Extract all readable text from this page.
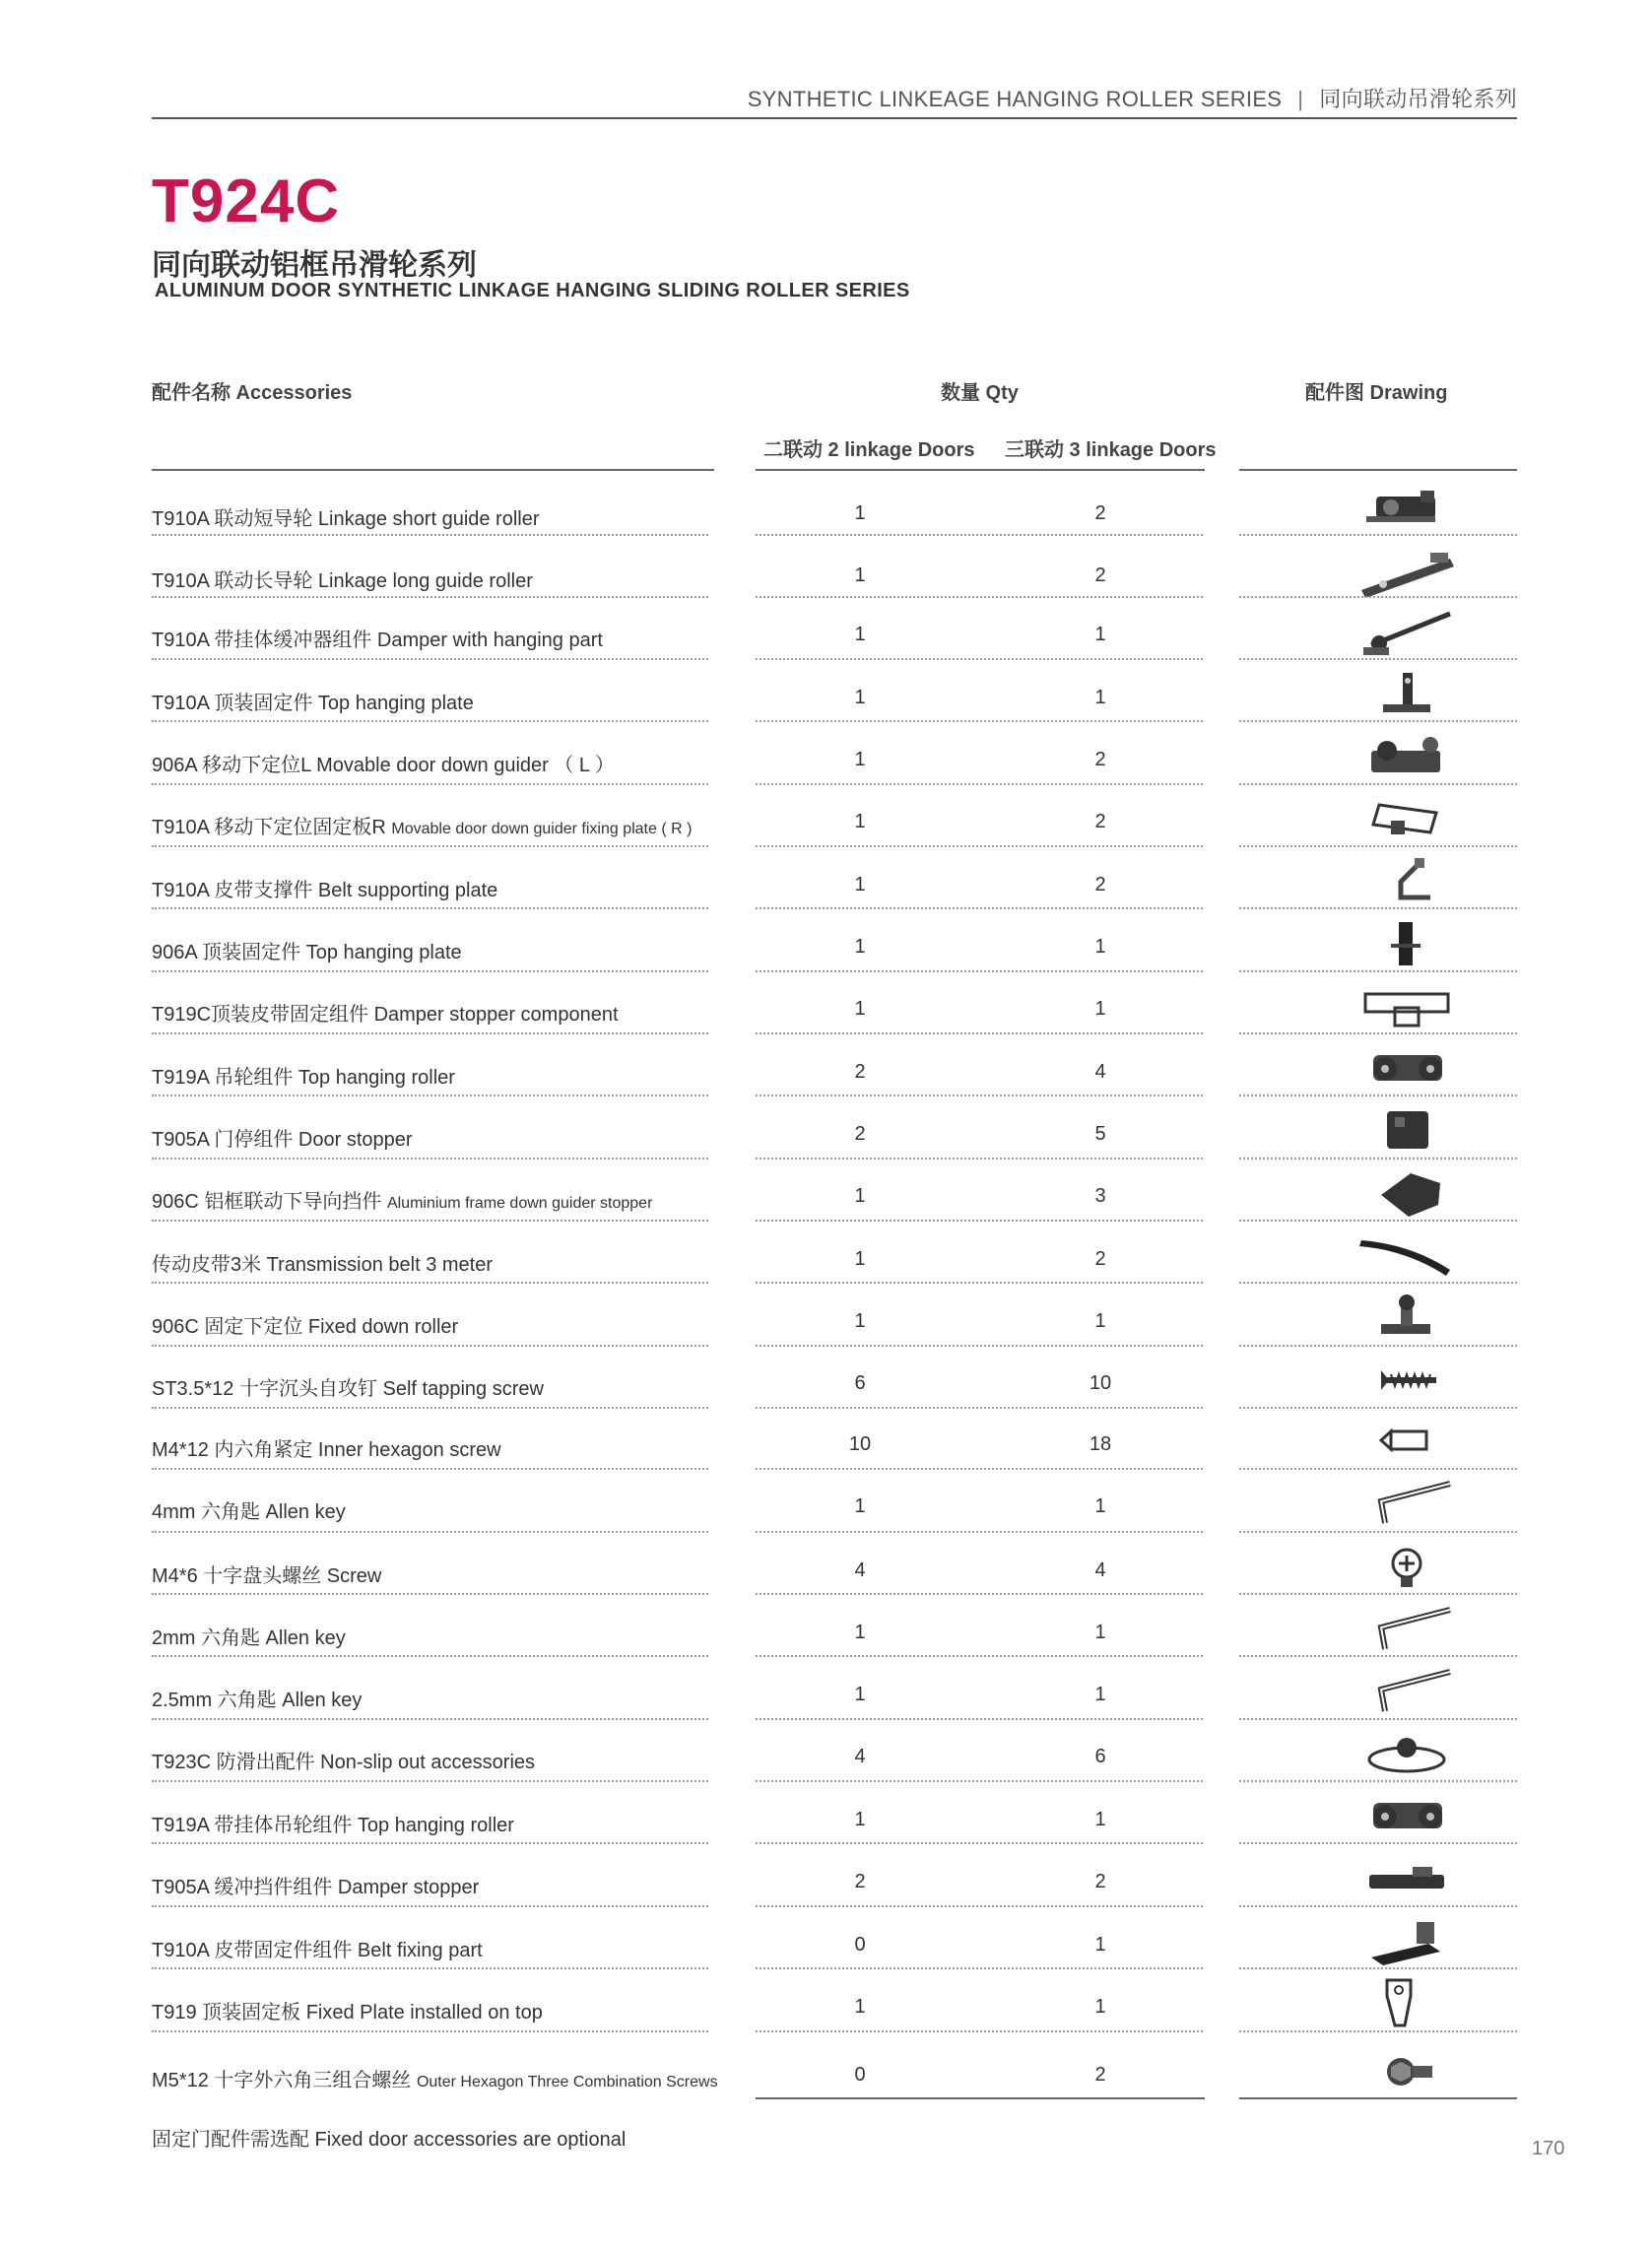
SYNTHETIC LINKEAGE HANGING ROLLER SERIES | 同向联动吊滑轮系列
T924C
同向联动铝框吊滑轮系列
ALUMINUM DOOR SYNTHETIC LINKAGE HANGING SLIDING ROLLER SERIES
配件名称 Accessories	数量 Qty	配件图 Drawing
二联动 2 linkage Doors 三联动 3 linkage Doors
T910A 联动短导轮 Linkage short guide roller	1	2
T910A 联动长导轮 Linkage long guide roller	1	2
T910A 带挂体缓冲器组件 Damper with hanging part	1	1
T910A 顶装固定件 Top hanging plate	1	1
906A 移动下定位L Movable door down guider （ L ）	1	2
T910A 移动下定位固定板R Movable door down guider fixing plate ( R )	1	2
T910A 皮带支撑件 Belt supporting plate	1	2
906A 顶装固定件 Top hanging plate	1	1
T919C顶装皮带固定组件 Damper stopper component	1	1
T919A 吊轮组件 Top hanging roller	2	4
T905A 门停组件 Door stopper	2	5
906C 铝框联动下导向挡件 Aluminium frame down guider stopper	1	3
传动皮带3米 Transmission belt 3 meter	1	2
906C 固定下定位 Fixed down roller	1	1
ST3.5*12 十字沉头自攻钉 Self tapping screw	6	10
M4*12 内六角紧定 Inner hexagon screw	10	18
4mm 六角匙 Allen key	1	1
M4*6 十字盘头螺丝 Screw	4	4
2mm 六角匙 Allen key	1	1
2.5mm 六角匙 Allen key	1	1
T923C 防滑出配件 Non-slip out accessories	4	6
T919A 带挂体吊轮组件 Top hanging roller	1	1
T905A 缓冲挡件组件 Damper stopper	2	2
T910A 皮带固定件组件 Belt fixing part	0	1
T919 顶装固定板 Fixed Plate installed on top	1	1
M5*12 十字外六角三组合螺丝 Outer Hexagon Three Combination Screws	0	2
固定门配件需选配 Fixed door accessories are optional	170
